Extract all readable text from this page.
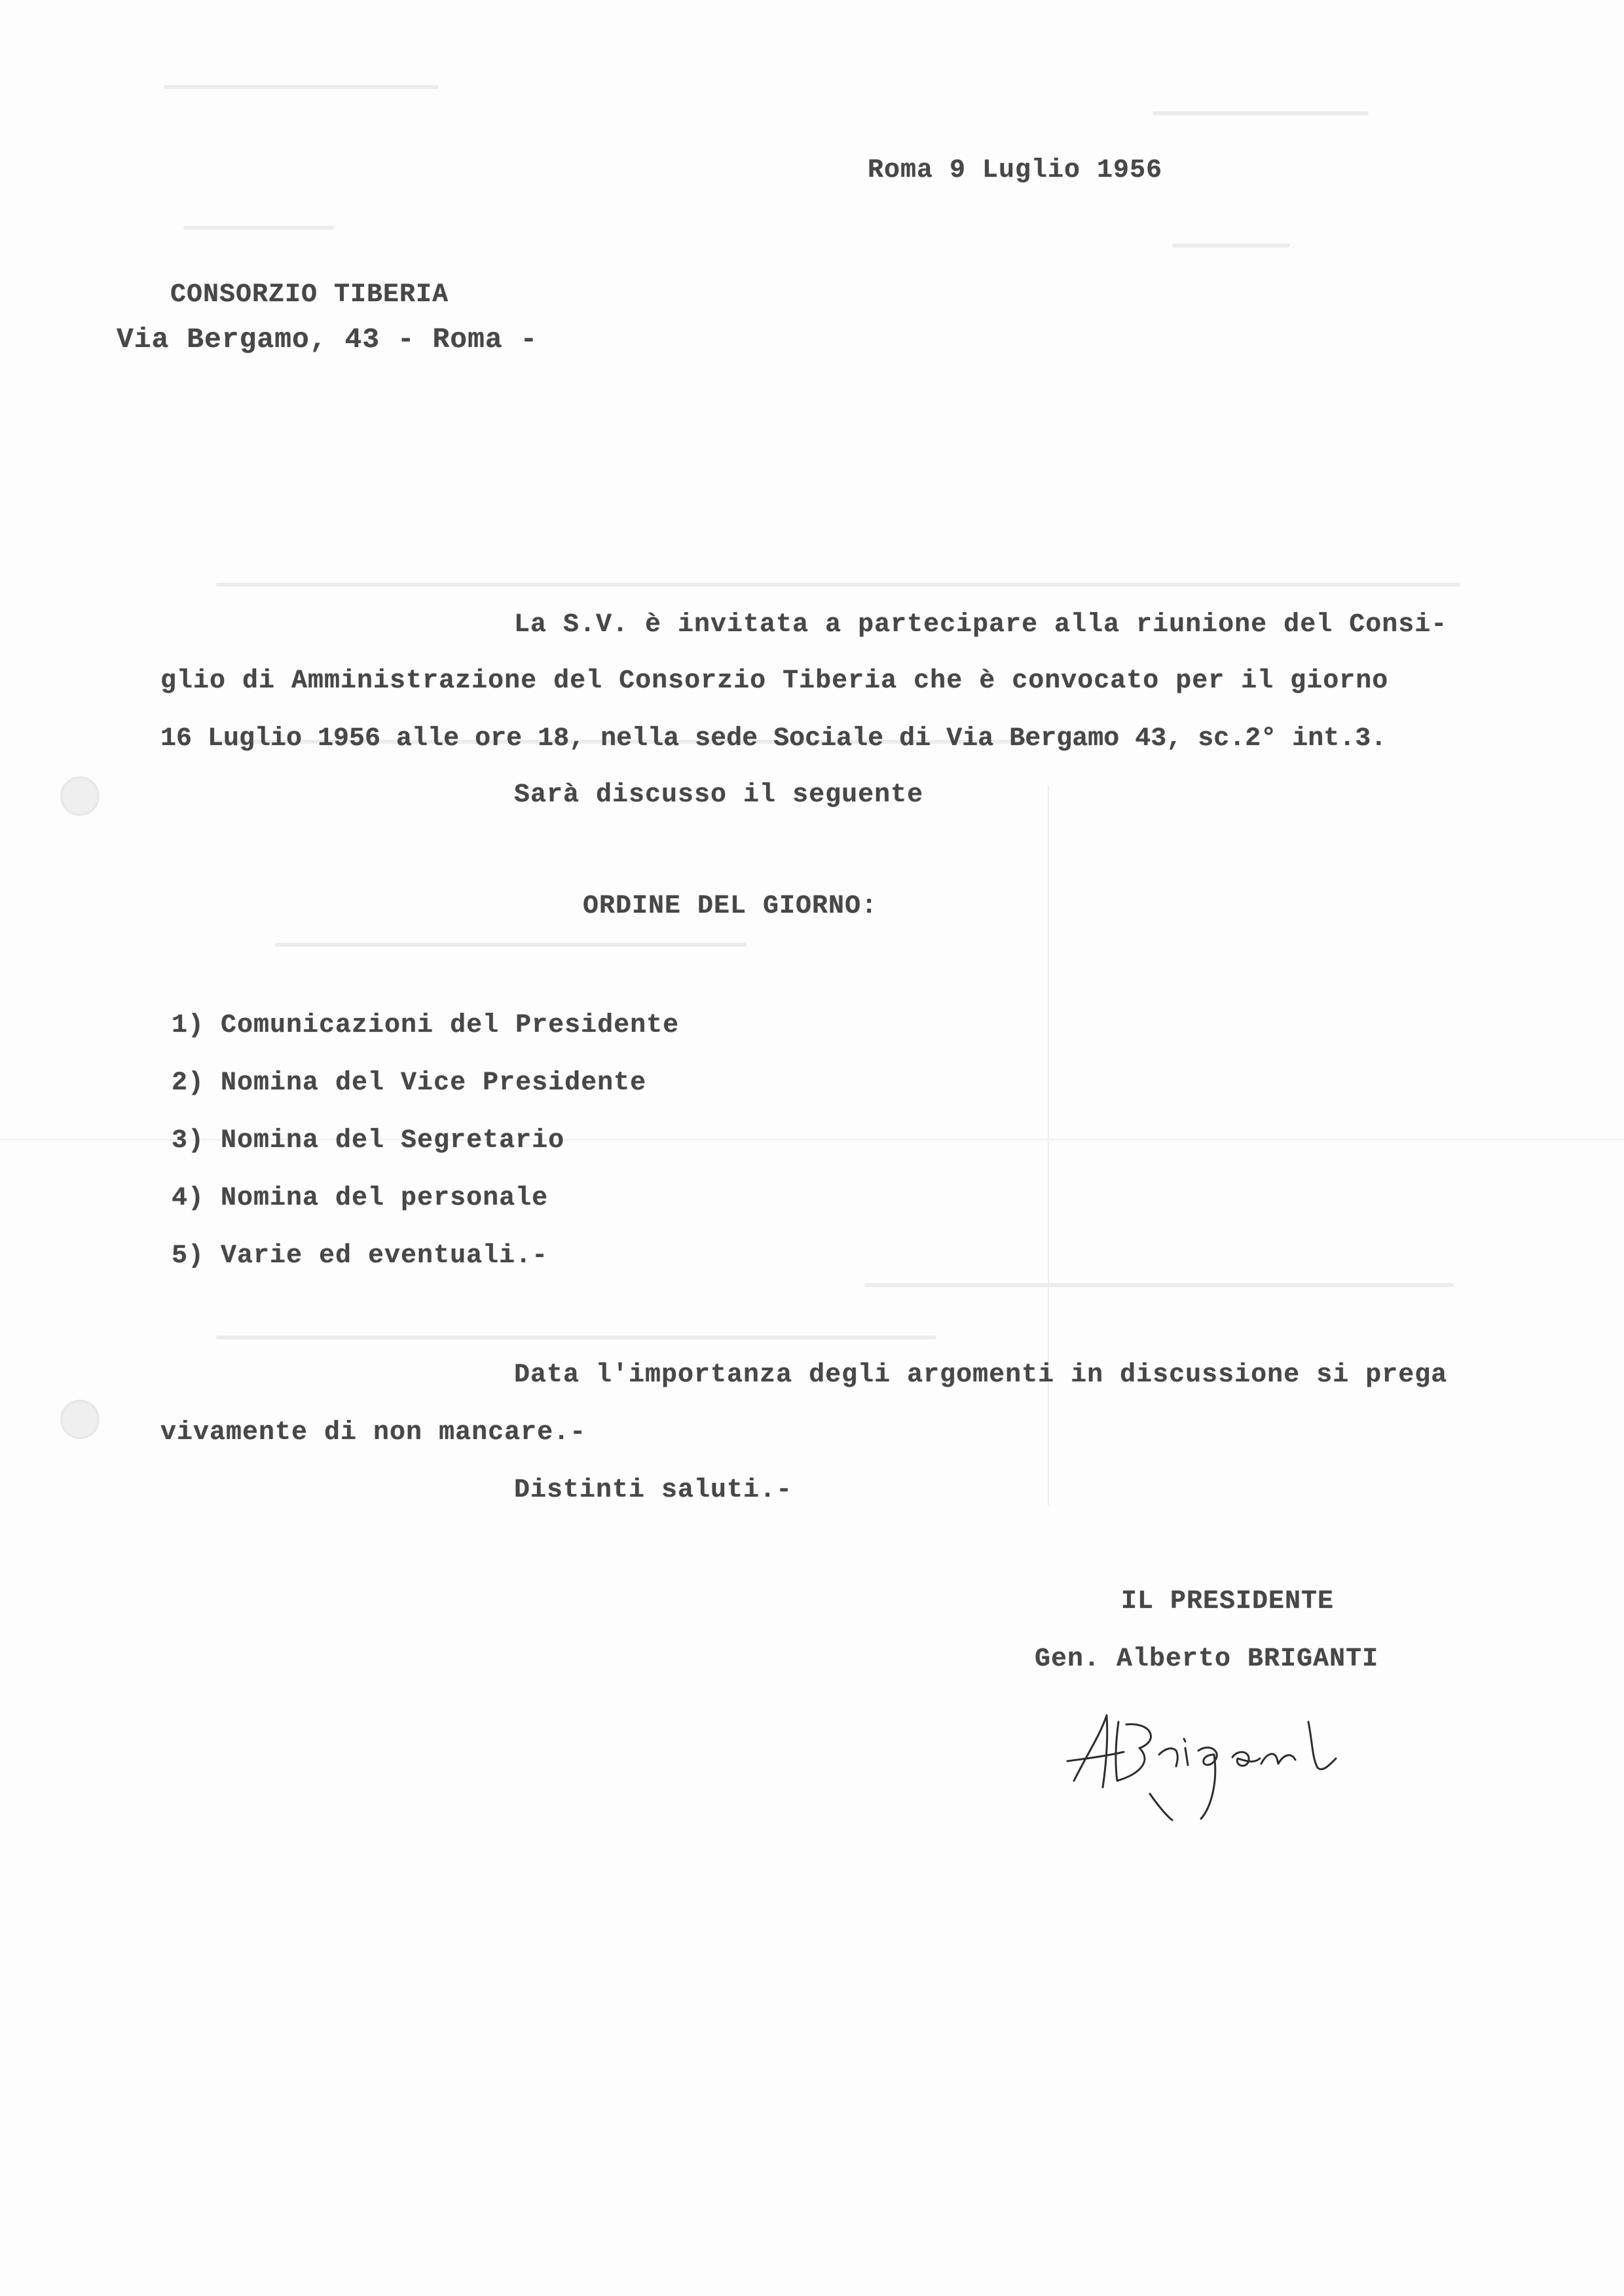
Roma 9 Luglio 1956
CONSORZIO TIBERIA
Via Bergamo, 43 - Roma -
La S.V. è invitata a partecipare alla riunione del Consi-
glio di Amministrazione del Consorzio Tiberia che è convocato per il giorno
16 Luglio 1956 alle ore 18, nella sede Sociale di Via Bergamo 43, sc.2° int.3.
Sarà discusso il seguente
ORDINE DEL GIORNO:
1) Comunicazioni del Presidente
2) Nomina del Vice Presidente
3) Nomina del Segretario
4) Nomina del personale
5) Varie ed eventuali.-
Data l'importanza degli argomenti in discussione si prega
vivamente di non mancare.-
Distinti saluti.-
IL PRESIDENTE
Gen. Alberto BRIGANTI
